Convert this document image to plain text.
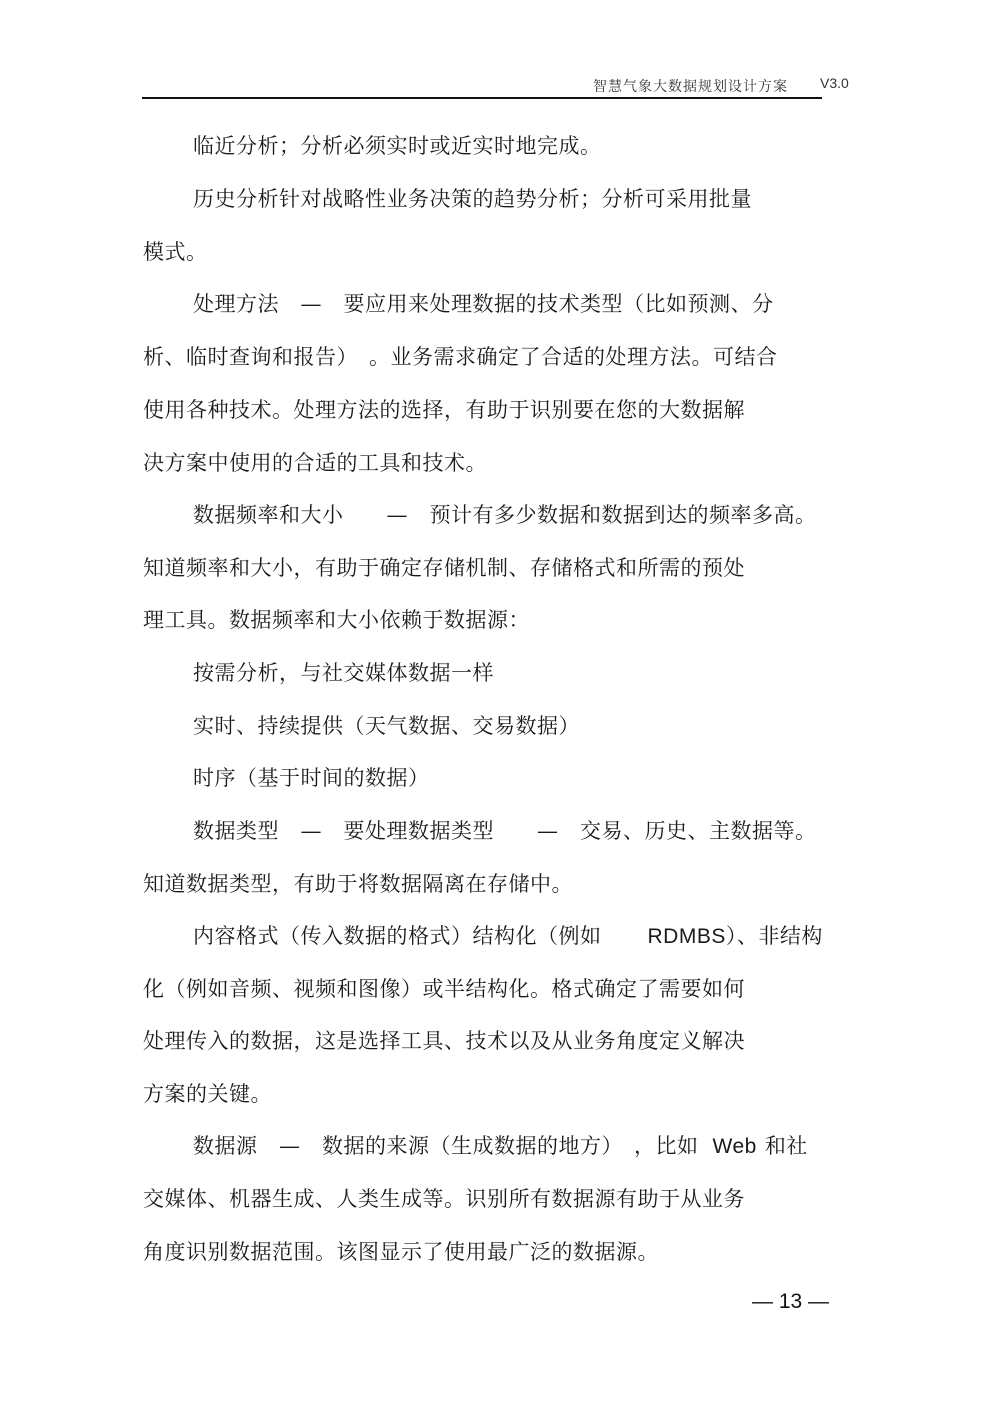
智慧气象大数据规划设计方案 V3.0
临近分析；分析必须实时或近实时地完成。
历史分析针对战略性业务决策的趋势分析；分析可采用批量
模式。
处理方法　—　要应用来处理数据的技术类型（比如预测、分
析、临时查询和报告）　。业务需求确定了合适的处理方法。可结合
使用各种技术。处理方法的选择，有助于识别要在您的大数据解
决方案中使用的合适的工具和技术。
数据频率和大小　　—　预计有多少数据和数据到达的频率多高。
知道频率和大小，有助于确定存储机制、存储格式和所需的预处
理工具。数据频率和大小依赖于数据源：
按需分析，与社交媒体数据一样
实时、持续提供（天气数据、交易数据）
时序（基于时间的数据）
数据类型　—　要处理数据类型　　—　交易、历史、主数据等。
知道数据类型，有助于将数据隔离在存储中。
内容格式（传入数据的格式）结构化（例如 RDMBS）、非结构
化（例如音频、视频和图像）或半结构化。格式确定了需要如何
处理传入的数据，这是选择工具、技术以及从业务角度定义解决
方案的关键。
数据源　—　数据的来源（生成数据的地方）　，比如 Web 和社
交媒体、机器生成、人类生成等。识别所有数据源有助于从业务
角度识别数据范围。该图显示了使用最广泛的数据源。
— 13 —
